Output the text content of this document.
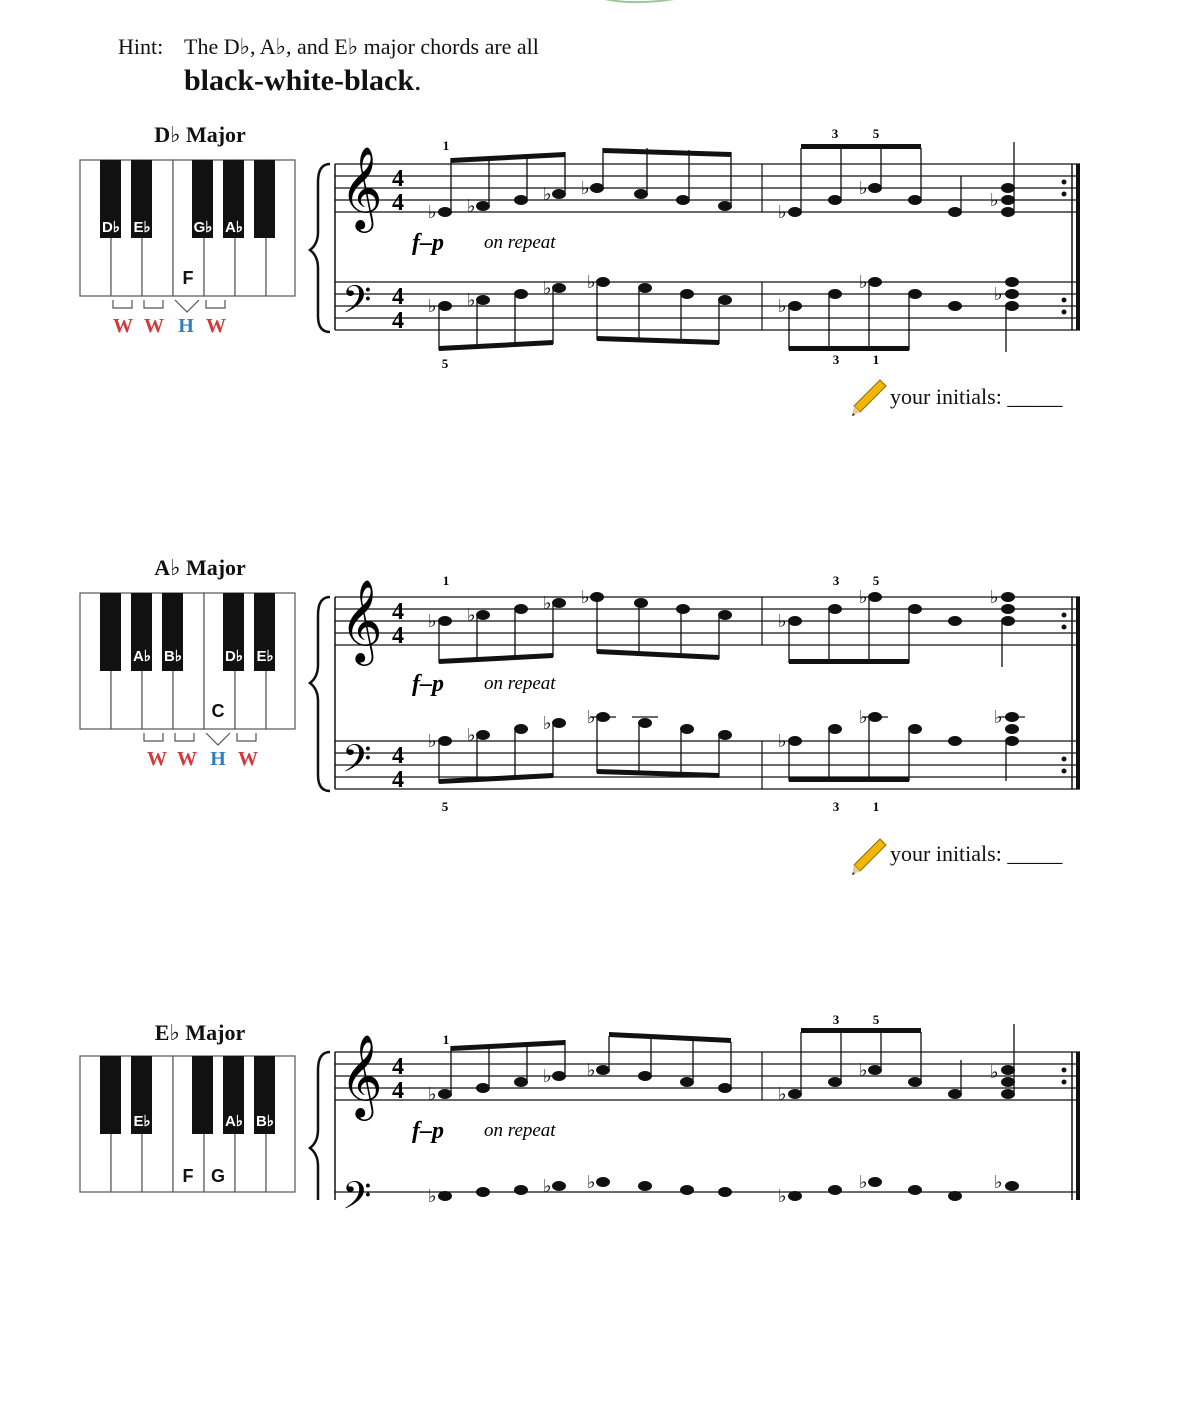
Hint: The D♭, A♭, and E♭ major chords are all
black-white-black.
D♭ Major
D♭ E♭	G♭ A♭
F
W W H W
𝄞
𝄢
4
4
4
4
♭ ♭
♭ ♭
♭
♭
♭
1
3	5
f–p on repeat
♭ ♭
♭ ♭
♭
♭
♭
5	3	1
your initials: _____
A♭ Major
A♭ B♭	D♭ E♭
C
W W H W
𝄞
𝄢
4
4
4
4
♭ ♭
♭ ♭
♭
♭	♭
1	3	5
f–p on repeat
♭ ♭
♭ ♭
♭
♭	♭
5	3	1
your initials: _____
E♭ Major
E♭	A♭ B♭
F G
𝄞
𝄢
4
4 ♭
♭ ♭
♭
♭	♭
1
3	5
f–p on repeat
♭	♭ ♭
♭
♭	♭
